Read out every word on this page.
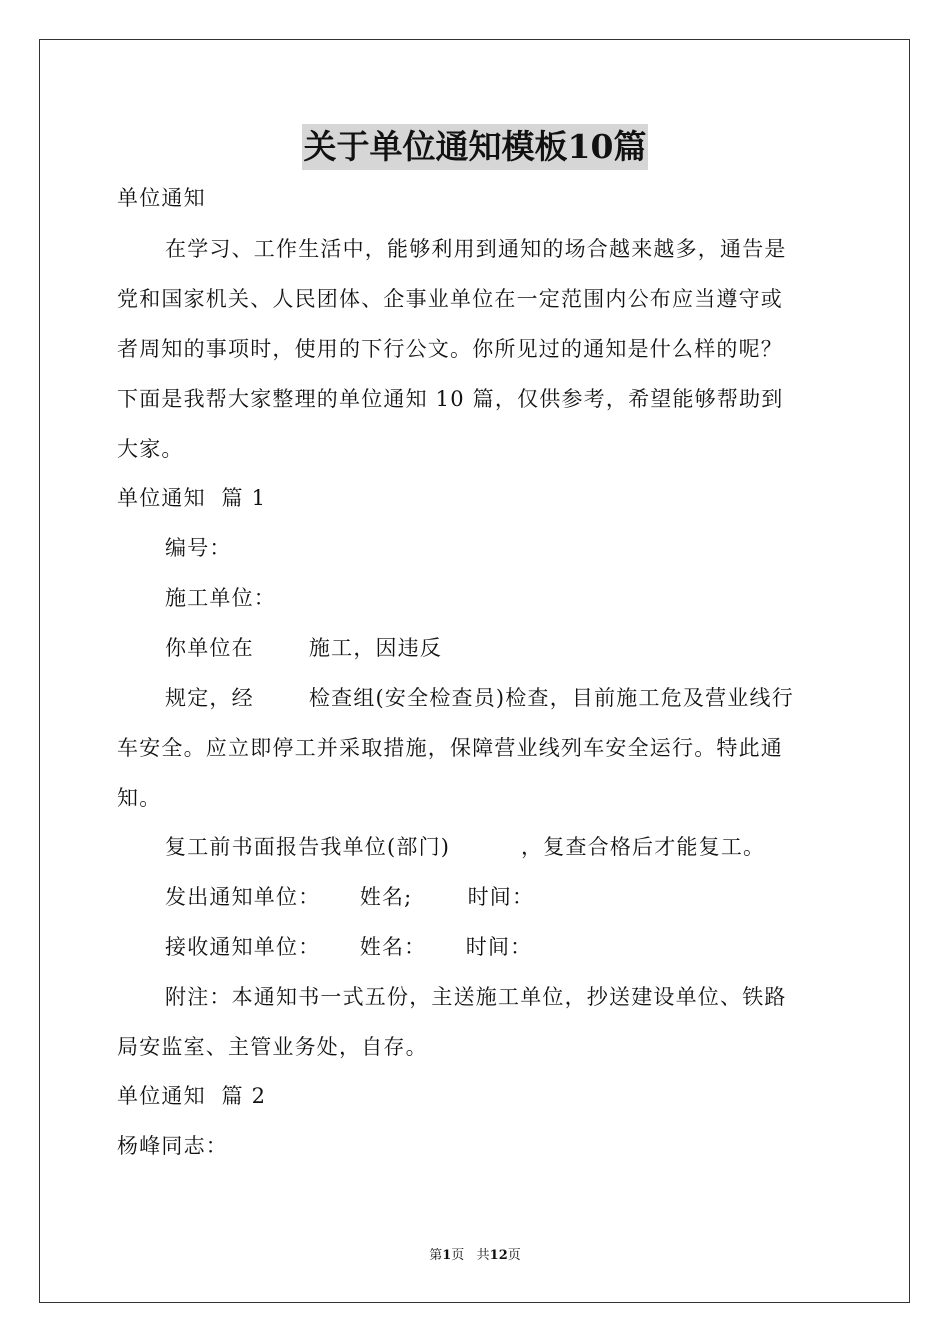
关于单位通知模板10篇
单位通知
在学习、工作生活中，能够利用到通知的场合越来越多，通告是
党和国家机关、人民团体、企事业单位在一定范围内公布应当遵守或
者周知的事项时，使用的下行公文。你所见过的通知是什么样的呢？
下面是我帮大家整理的单位通知 10 篇，仅供参考，希望能够帮助到
大家。
单位通知  篇 1
编号：
施工单位：
你单位在       施工，因违反
规定，经       检查组(安全检查员)检查，目前施工危及营业线行
车安全。应立即停工并采取措施，保障营业线列车安全运行。特此通
知。
复工前书面报告我单位(部门)         ，复查合格后才能复工。
发出通知单位：     姓名;       时间：
接收通知单位：     姓名：     时间：
附注：本通知书一式五份，主送施工单位，抄送建设单位、铁路
局安监室、主管业务处，自存。
单位通知  篇 2
杨峰同志：
第1页   共12页
